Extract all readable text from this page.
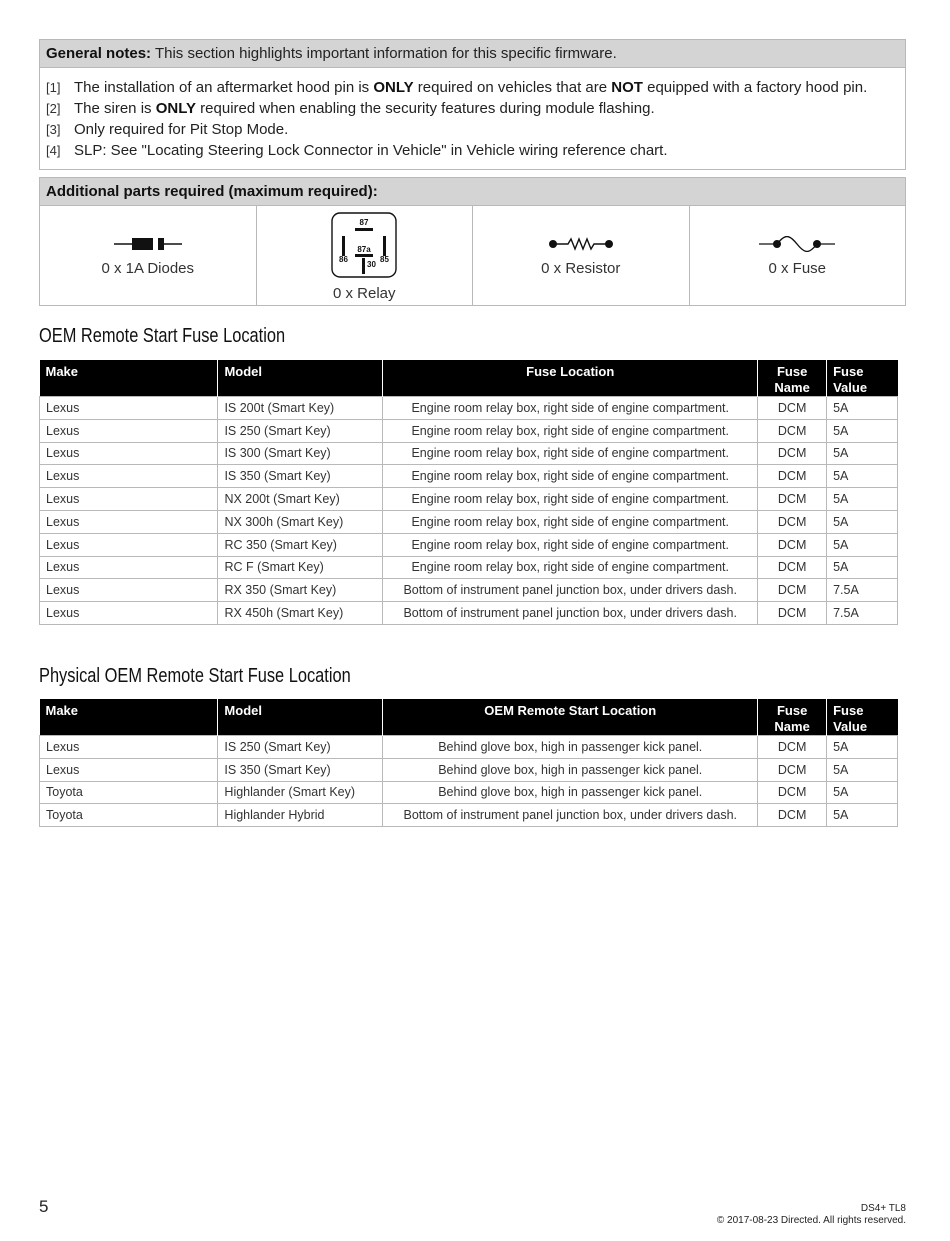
General notes: This section highlights important information for this specific firmware.
[1] The installation of an aftermarket hood pin is ONLY required on vehicles that are NOT equipped with a factory hood pin.
[2] The siren is ONLY required when enabling the security features during module flashing.
[3] Only required for Pit Stop Mode.
[4] SLP: See "Locating Steering Lock Connector in Vehicle" in Vehicle wiring reference chart.
Additional parts required (maximum required):
0 x 1A Diodes
87
87a
86
30
85
0 x Relay
0 x Resistor	0 x Fuse
OEM Remote Start Fuse Location
Make	Model	Fuse Location	Fuse Name	Fuse Value
Lexus	IS 200t (Smart Key)	Engine room relay box, right side of engine compartment.	DCM	5A
Lexus	IS 250 (Smart Key)	Engine room relay box, right side of engine compartment.	DCM	5A
Lexus	IS 300 (Smart Key)	Engine room relay box, right side of engine compartment.	DCM	5A
Lexus	IS 350 (Smart Key)	Engine room relay box, right side of engine compartment.	DCM	5A
Lexus	NX 200t (Smart Key)	Engine room relay box, right side of engine compartment.	DCM	5A
Lexus	NX 300h (Smart Key)	Engine room relay box, right side of engine compartment.	DCM	5A
Lexus	RC 350 (Smart Key)	Engine room relay box, right side of engine compartment.	DCM	5A
Lexus	RC F (Smart Key)	Engine room relay box, right side of engine compartment.	DCM	5A
Lexus	RX 350 (Smart Key)	Bottom of instrument panel junction box, under drivers dash.	DCM	7.5A
Lexus	RX 450h (Smart Key)	Bottom of instrument panel junction box, under drivers dash.	DCM	7.5A
Physical OEM Remote Start Fuse Location
Make	Model	OEM Remote Start Location	Fuse Name	Fuse Value
Lexus	IS 250 (Smart Key)	Behind glove box, high in passenger kick panel.	DCM	5A
Lexus	IS 350 (Smart Key)	Behind glove box, high in passenger kick panel.	DCM	5A
Toyota	Highlander (Smart Key)	Behind glove box, high in passenger kick panel.	DCM	5A
Toyota	Highlander Hybrid	Bottom of instrument panel junction box, under drivers dash.	DCM	5A
5	DS4+ TL8
© 2017-08-23 Directed. All rights reserved.
